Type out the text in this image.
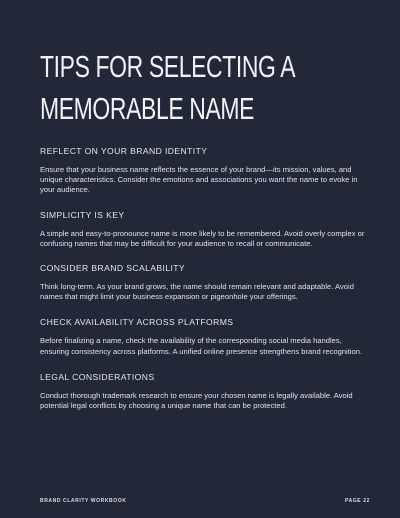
TIPS FOR SELECTING A
MEMORABLE NAME

REFLECT ON YOUR BRAND IDENTITY

Ensure that your business name reflects the essence of your brand—its mission, values, and unique characteristics. Consider the emotions and associations you want the name to evoke in your audience.

SIMPLICITY IS KEY

A simple and easy-to-pronounce name is more likely to be remembered. Avoid overly complex or confusing names that may be difficult for your audience to recall or communicate.

CONSIDER BRAND SCALABILITY

Think long-term. As your brand grows, the name should remain relevant and adaptable. Avoid names that might limit your business expansion or pigeonhole your offerings.

CHECK AVAILABILITY ACROSS PLATFORMS

Before finalizing a name, check the availability of the corresponding social media handles, ensuring consistency across platforms. A unified online presence strengthens brand recognition.

LEGAL CONSIDERATIONS

Conduct thorough trademark research to ensure your chosen name is legally available. Avoid potential legal conflicts by choosing a unique name that can be protected.

BRAND CLARITY WORKBOOK	PAGE 22
